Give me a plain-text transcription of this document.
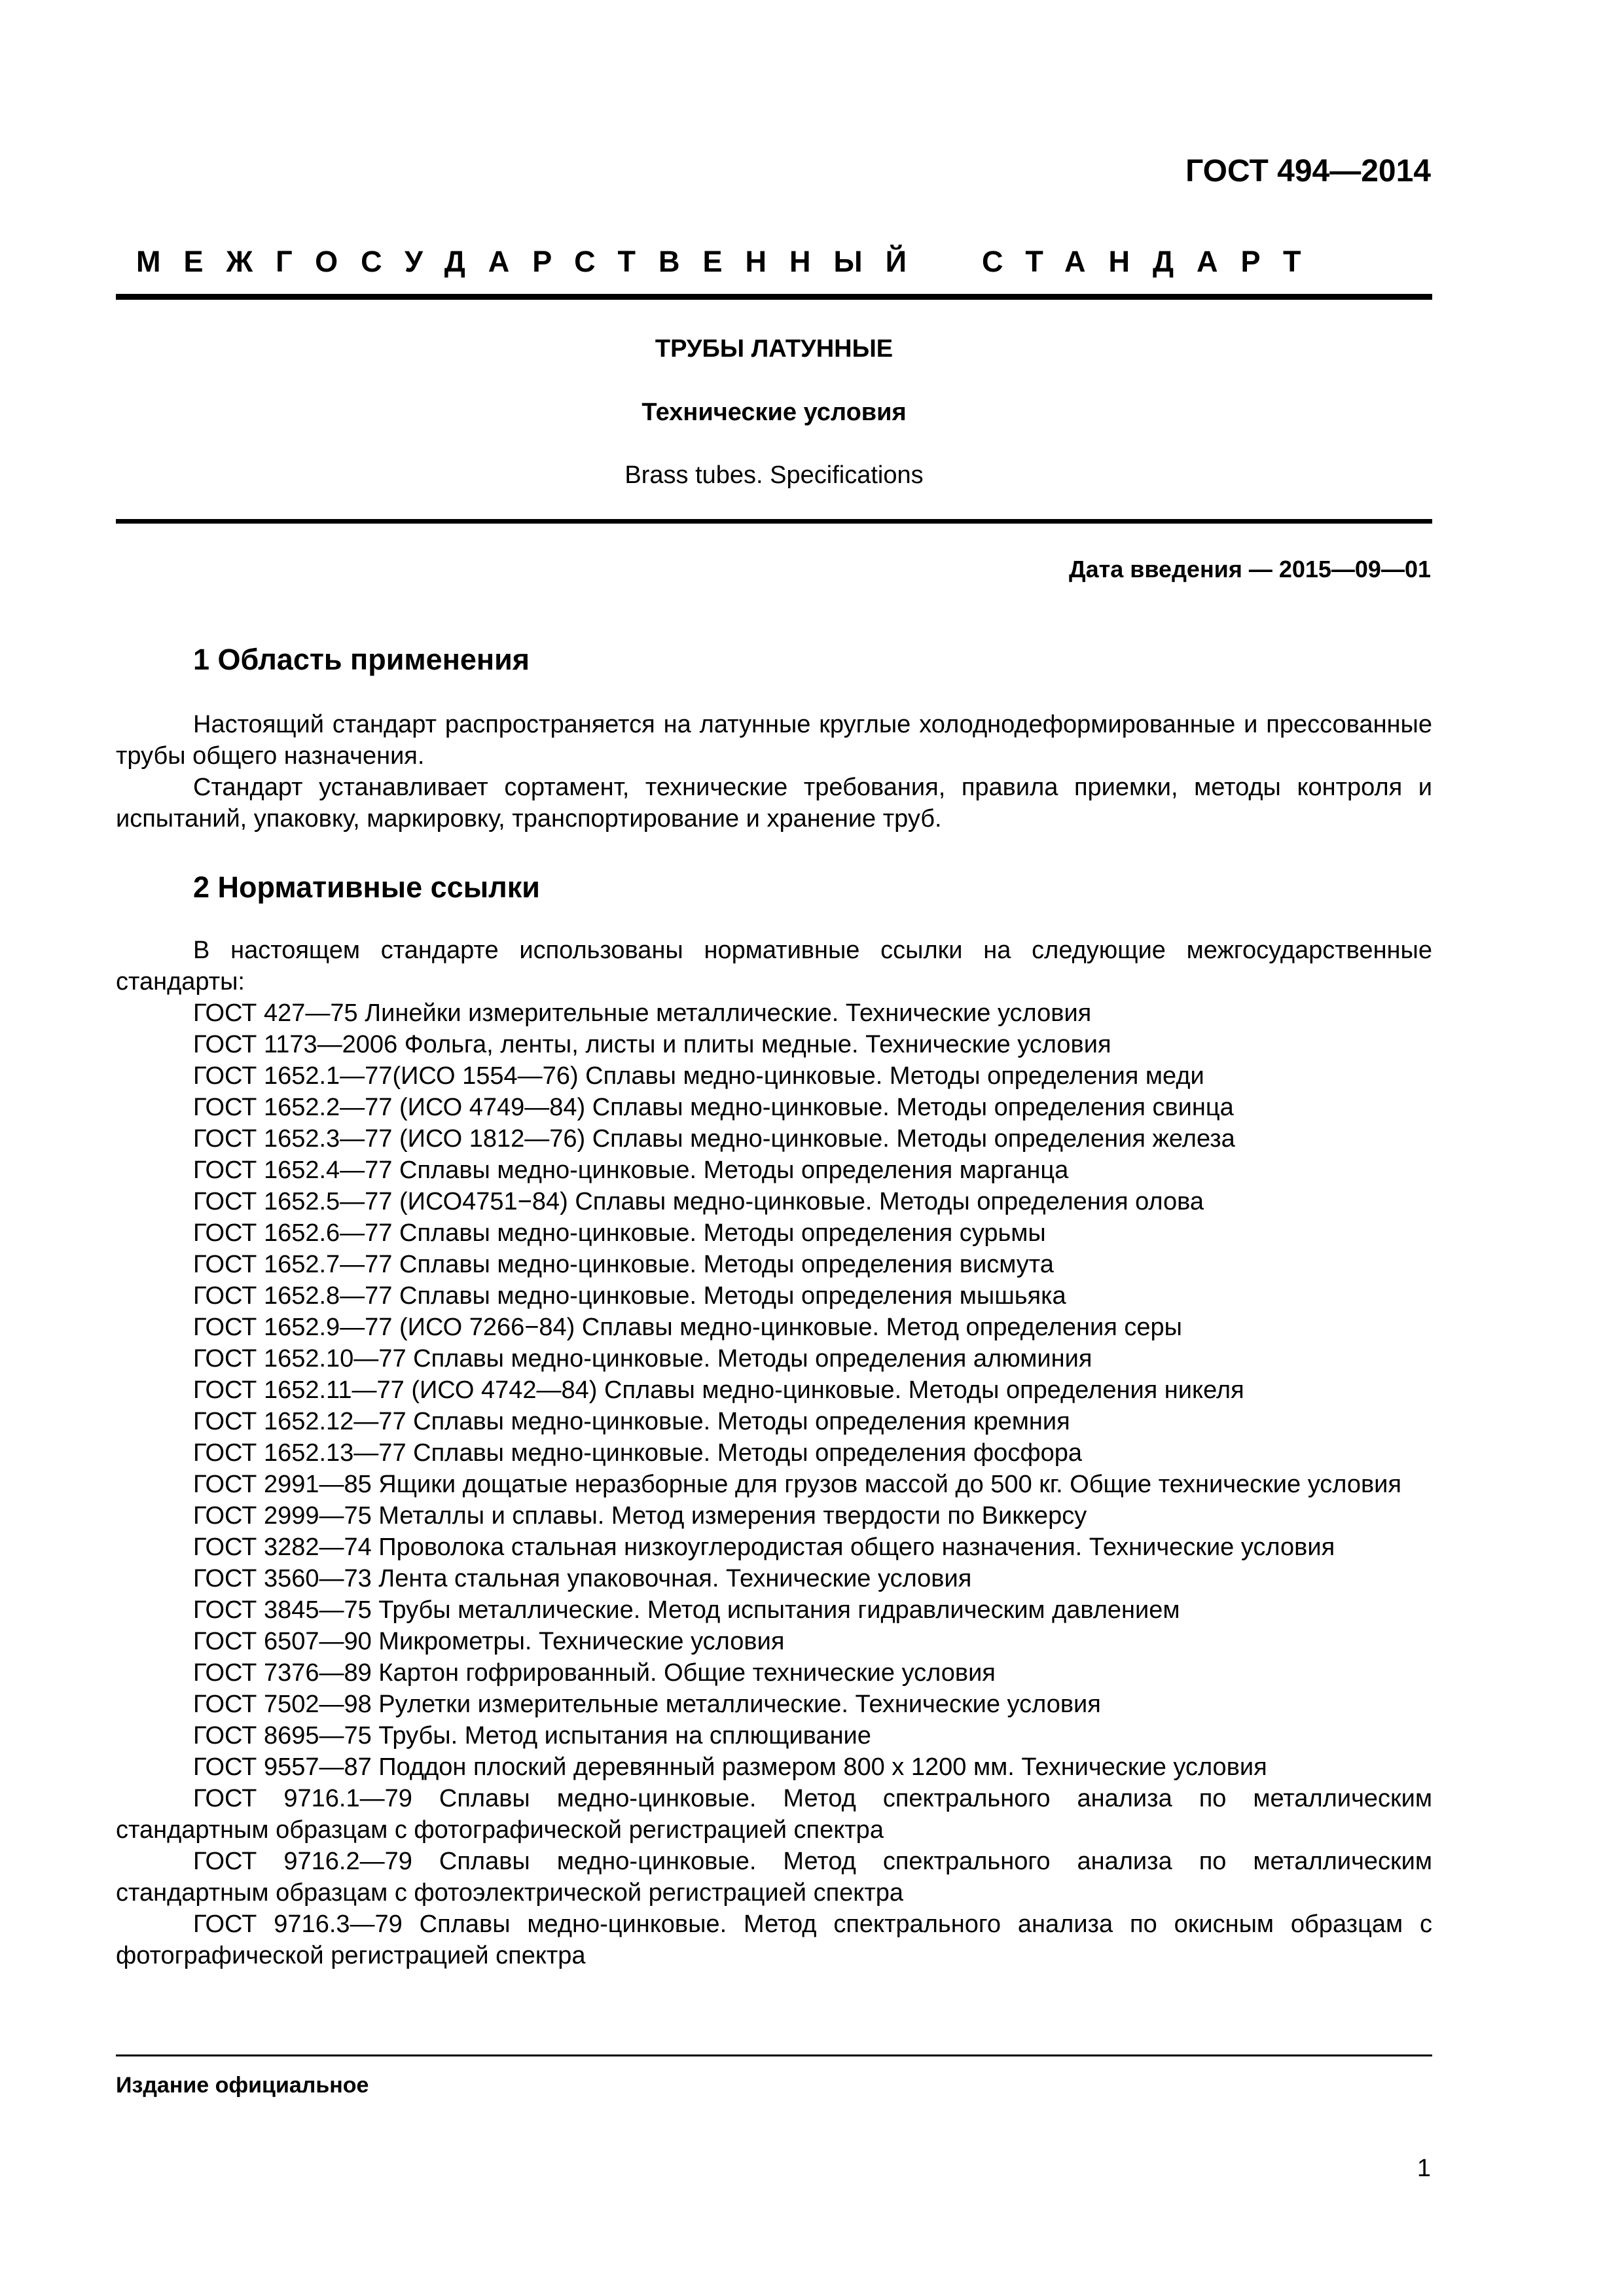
ГОСТ 494—2014
МЕЖГОСУДАРСТВЕННЫЙ СТАНДАРТ
ТРУБЫ ЛАТУННЫЕ
Технические условия
Brass tubes. Specifications
Дата введения — 2015—09—01
1 Область применения

Настоящий стандарт распространяется на латунные круглые холоднодеформированные и прессованные трубы общего назначения.

Стандарт устанавливает сортамент, технические требования, правила приемки, методы контроля и испытаний, упаковку, маркировку, транспортирование и хранение труб.

2 Нормативные ссылки

В настоящем стандарте использованы нормативные ссылки на следующие межгосударственные стандарты:

ГОСТ 427—75 Линейки измерительные металлические. Технические условия
ГОСТ 1173—2006 Фольга, ленты, листы и плиты медные. Технические условия
ГОСТ 1652.1—77(ИСО 1554—76) Сплавы медно-цинковые. Методы определения меди
ГОСТ 1652.2—77 (ИСО 4749—84) Сплавы медно-цинковые. Методы определения свинца
ГОСТ 1652.3—77 (ИСО 1812—76) Сплавы медно-цинковые. Методы определения железа
ГОСТ 1652.4—77 Сплавы медно-цинковые. Методы определения марганца
ГОСТ 1652.5—77 (ИСО4751−84) Сплавы медно-цинковые. Методы определения олова
ГОСТ 1652.6—77 Сплавы медно-цинковые. Методы определения сурьмы
ГОСТ 1652.7—77 Сплавы медно-цинковые. Методы определения висмута
ГОСТ 1652.8—77 Сплавы медно-цинковые. Методы определения мышьяка
ГОСТ 1652.9—77 (ИСО 7266−84) Сплавы медно-цинковые. Метод определения серы
ГОСТ 1652.10—77 Сплавы медно-цинковые. Методы определения алюминия
ГОСТ 1652.11—77 (ИСО 4742—84) Сплавы медно-цинковые. Методы определения никеля
ГОСТ 1652.12—77 Сплавы медно-цинковые. Методы определения кремния
ГОСТ 1652.13—77 Сплавы медно-цинковые. Методы определения фосфора
ГОСТ 2991—85 Ящики дощатые неразборные для грузов массой до 500 кг. Общие технические условия
ГОСТ 2999—75 Металлы и сплавы. Метод измерения твердости по Виккерсу
ГОСТ 3282—74 Проволока стальная низкоуглеродистая общего назначения. Технические условия
ГОСТ 3560—73 Лента стальная упаковочная. Технические условия
ГОСТ 3845—75 Трубы металлические. Метод испытания гидравлическим давлением
ГОСТ 6507—90 Микрометры. Технические условия
ГОСТ 7376—89 Картон гофрированный. Общие технические условия
ГОСТ 7502—98 Рулетки измерительные металлические. Технические условия
ГОСТ 8695—75 Трубы. Метод испытания на сплющивание
ГОСТ 9557—87 Поддон плоский деревянный размером 800 х 1200 мм. Технические условия
ГОСТ 9716.1—79 Сплавы медно-цинковые. Метод спектрального анализа по металлическим стандартным образцам с фотографической регистрацией спектра
ГОСТ 9716.2—79 Сплавы медно-цинковые. Метод спектрального анализа по металлическим стандартным образцам с фотоэлектрической регистрацией спектра
ГОСТ 9716.3—79 Сплавы медно-цинковые. Метод спектрального анализа по окисным образцам с фотографической регистрацией спектра
Издание официальное
1
